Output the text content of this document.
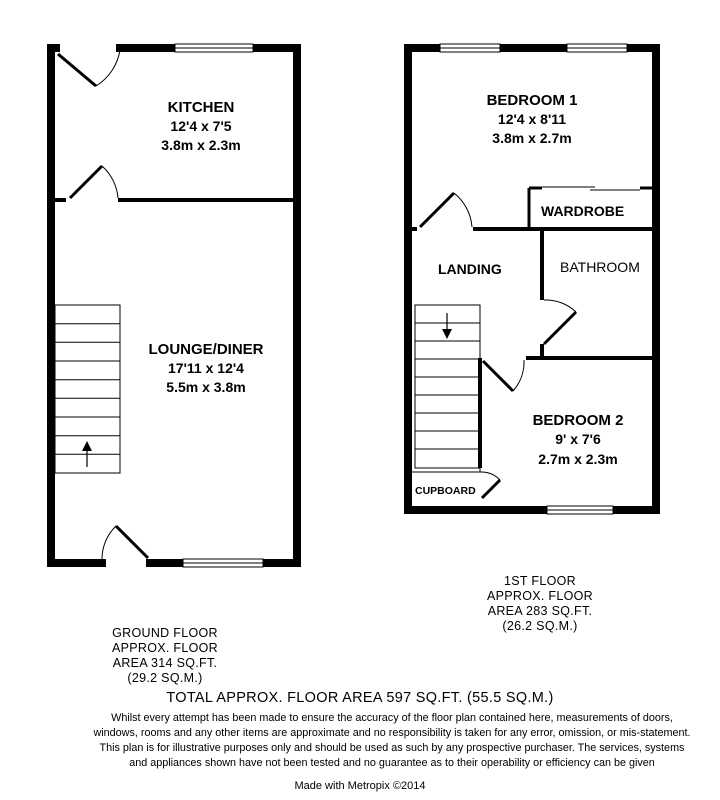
KITCHEN
12'4 x 7'5
3.8m x 2.3m
LOUNGE/DINER
17'11 x 12'4
5.5m x 3.8m
BEDROOM 1
12'4 x 8'11
3.8m x 2.7m
WARDROBE
LANDING	BATHROOM
CUPBOARD
BEDROOM 2
9' x 7'6
2.7m x 2.3m
GROUND FLOOR
APPROX. FLOOR
AREA 314 SQ.FT.
(29.2 SQ.M.)
1ST FLOOR
APPROX. FLOOR
AREA 283 SQ.FT.
(26.2 SQ.M.)
TOTAL APPROX. FLOOR AREA 597 SQ.FT. (55.5 SQ.M.)
Whilst every attempt has been made to ensure the accuracy of the floor plan contained here, measurements of doors, windows, rooms and any other items are approximate and no responsibility is taken for any error, omission, or mis-statement. This plan is for illustrative purposes only and should be used as such by any prospective purchaser. The services, systems and appliances shown have not been tested and no guarantee as to their operability or efficiency can be given
Made with Metropix ©2014
